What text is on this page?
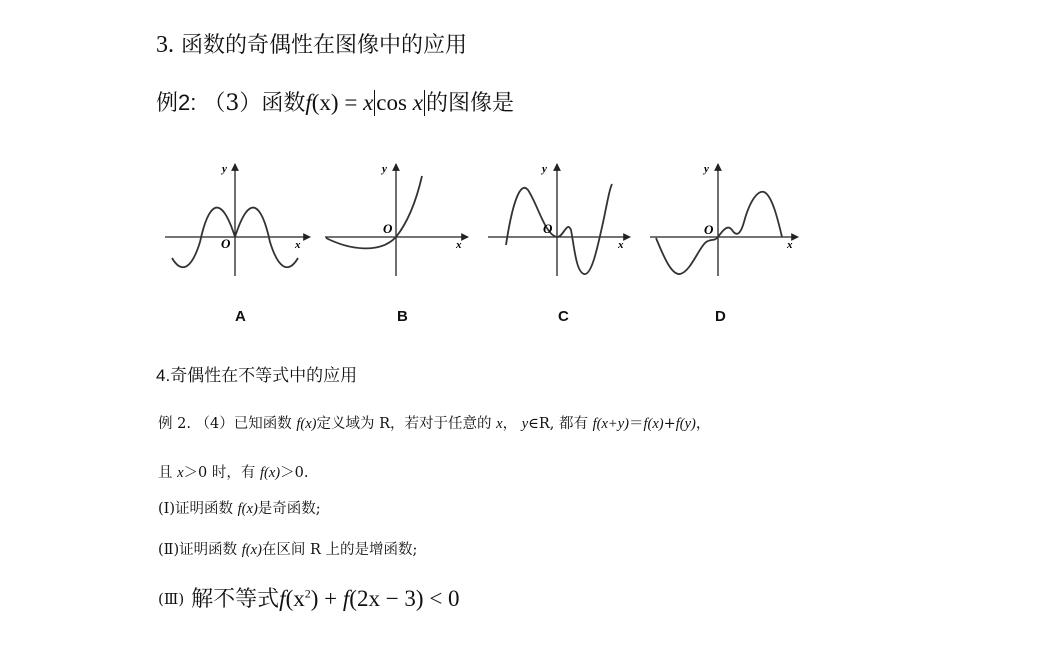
3. 函数的奇偶性在图像中的应用
例2: （3）函数f(x) = x cos x 的图像是
y
x
O
y
x
O
y
x
O
y
x
O
A	B	C	D
4.奇偶性在不等式中的应用
例 2. （4）已知函数 f(x)定义域为 R，若对于任意的 x， y∈R, 都有 f(x+y)＝f(x)+f(y)，
且 x＞0 时，有 f(x)＞0.
(Ⅰ)证明函数 f(x)是奇函数;
(Ⅱ)证明函数 f(x)在区间 R 上的是增函数;
(Ⅲ) 解不等式$f(x^2) + f(2x - 3) < 0$
